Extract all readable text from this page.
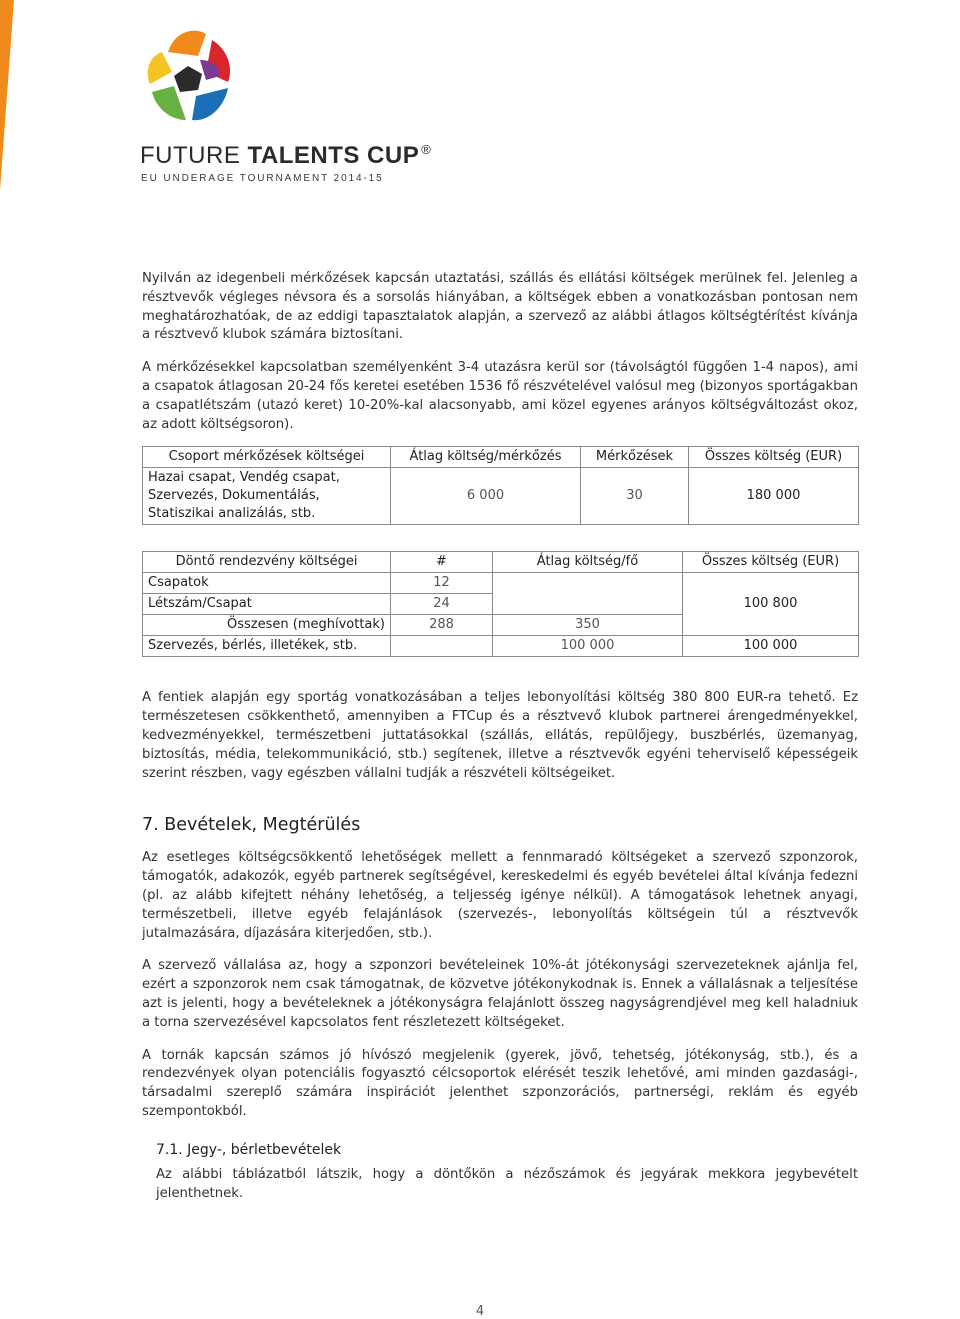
FUTURE TALENTS CUP ®
EU UNDERAGE TOURNAMENT 2014-15

Nyilván az idegenbeli mérkőzések kapcsán utaztatási, szállás és ellátási költségek merülnek fel. Jelenleg a résztvevők végleges névsora és a sorsolás hiányában, a költségek ebben a vonatkozásban pontosan nem meghatározhatóak, de az eddigi tapasztalatok alapján, a szervező az alábbi átlagos költségtérítést kívánja a résztvevő klubok számára biztosítani.

A mérkőzésekkel kapcsolatban személyenként 3-4 utazásra kerül sor (távolságtól függően 1-4 napos), ami a csapatok átlagosan 20-24 fős keretei esetében 1536 fő részvételével valósul meg (bizonyos sportágakban a csapatlétszám (utazó keret) 10-20%-kal alacsonyabb, ami közel egyenes arányos költségváltozást okoz, az adott költségsoron).

Csoport mérkőzések költségei	Átlag költség/mérkőzés	Mérkőzések	Összes költség (EUR)
Hazai csapat, Vendég csapat, Szervezés, Dokumentálás, Statiszikai analizálás, stb.	6 000	30	180 000
Döntő rendezvény költségei	#	Átlag költség/fő	Összes költség (EUR)
Csapatok	12		100 800
Létszám/Csapat	24		
Összesen (meghívottak)	288	350	
Szervezés, bérlés, illetékek, stb.		100 000	100 000

A fentiek alapján egy sportág vonatkozásában a teljes lebonyolítási költség 380 800 EUR-ra tehető. Ez természetesen csökkenthető, amennyiben a FTCup és a résztvevő klubok partnerei árengedményekkel, kedvezményekkel, természetbeni juttatásokkal (szállás, ellátás, repülőjegy, buszbérlés, üzemanyag, biztosítás, média, telekommunikáció, stb.) segítenek, illetve a résztvevők egyéni teherviselő képességeik szerint részben, vagy egészben vállalni tudják a részvételi költségeiket.

7. Bevételek, Megtérülés

Az esetleges költségcsökkentő lehetőségek mellett a fennmaradó költségeket a szervező szponzorok, támogatók, adakozók, egyéb partnerek segítségével, kereskedelmi és egyéb bevételei által kívánja fedezni (pl. az alább kifejtett néhány lehetőség, a teljesség igénye nélkül). A támogatások lehetnek anyagi, természetbeli, illetve egyéb felajánlások (szervezés-, lebonyolítás költségein túl a résztvevők jutalmazására, díjazására kiterjedően, stb.).

A szervező vállalása az, hogy a szponzori bevételeinek 10%-át jótékonysági szervezeteknek ajánlja fel, ezért a szponzorok nem csak támogatnak, de közvetve jótékonykodnak is. Ennek a vállalásnak a teljesítése azt is jelenti, hogy a bevételeknek a jótékonyságra felajánlott összeg nagyságrendjével meg kell haladniuk a torna szervezésével kapcsolatos fent részletezett költségeket.

A tornák kapcsán számos jó hívószó megjelenik (gyerek, jövő, tehetség, jótékonyság, stb.), és a rendezvények olyan potenciális fogyasztó célcsoportok elérését teszik lehetővé, ami minden gazdasági-, társadalmi szereplő számára inspirációt jelenthet szponzorációs, partnerségi, reklám és egyéb szempontokból.

7.1. Jegy-, bérletbevételek

Az alábbi táblázatból látszik, hogy a döntőkön a nézőszámok és jegyárak mekkora jegybevételt jelenthetnek.

4
